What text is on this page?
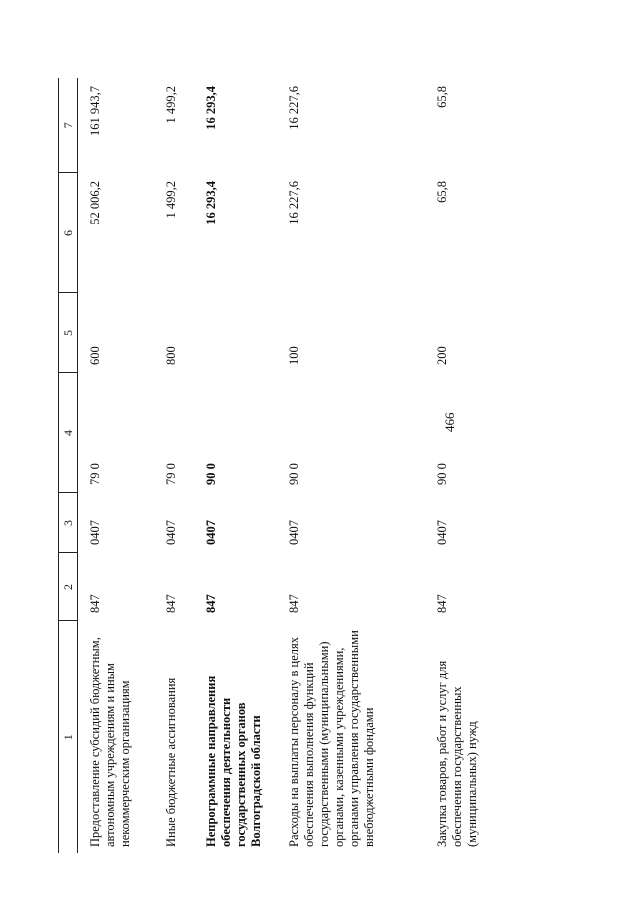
466
1	2	3	4	5	6	7
Предоставление субсидий бюджетным, автономным учреждениям и иным некоммерческим организациям	847	0407	79 0	600	52 006,2	161 943,7
Иные бюджетные ассигнования	847	0407	79 0	800	1 499,2	1 499,2
Непрограммные направления обеспечения деятельности государственных органов Волгоградской области	847	0407	90 0		16 293,4	16 293,4
Расходы на выплаты персоналу в целях обеспечения выполнения функций государственными (муниципальными) органами, казенными учреждениями, органами управления государственными внебюджетными фондами	847	0407	90 0	100	16 227,6	16 227,6
Закупка товаров, работ и услуг для обеспечения государственных (муниципальных) нужд	847	0407	90 0	200	65,8	65,8
